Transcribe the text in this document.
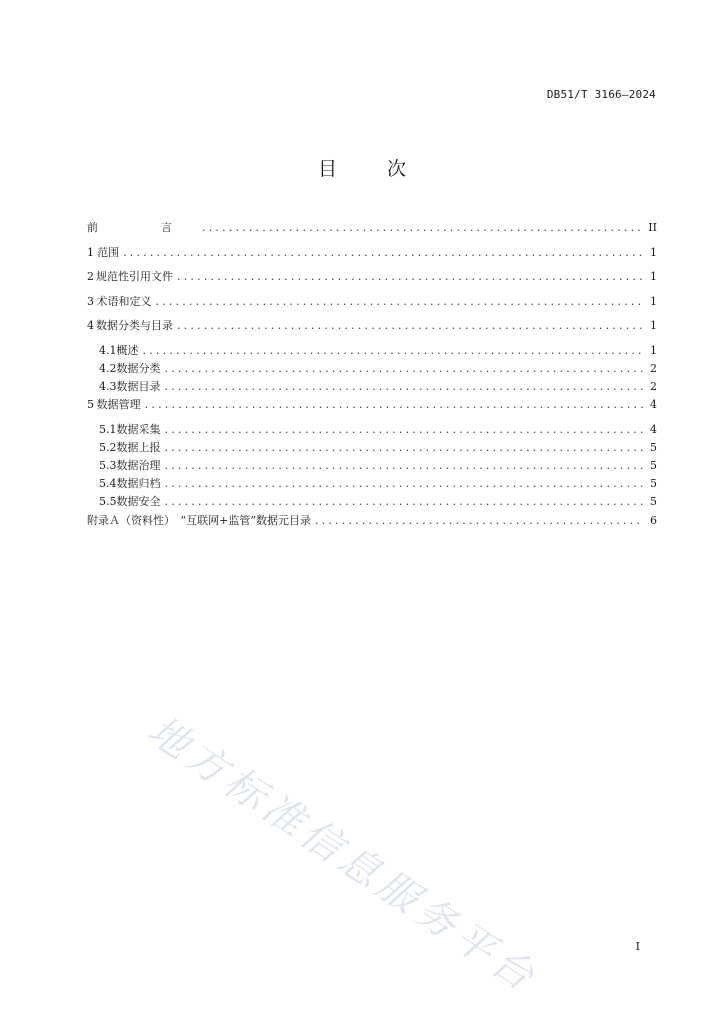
DB51/T 3166—2024
目	次
前　言 .....	II
1 范围 .....	1
2 规范性引用文件 .....	1
3 术语和定义 .....	1
4 数据分类与目录 .....	1
4.1 概述 .....	1
4.2 数据分类 .....	2
4.3 数据目录 .....	2
5 数据管理 .....	4
5.1 数据采集 .....	4
5.2 数据上报 .....	5
5.3 数据治理 .....	5
5.4 数据归档 .....	5
5.5 数据安全 .....	5
附录Ａ（资料性）　“互联网+监管”数据元目录 .....	6
地方标准信息服务平台	I
